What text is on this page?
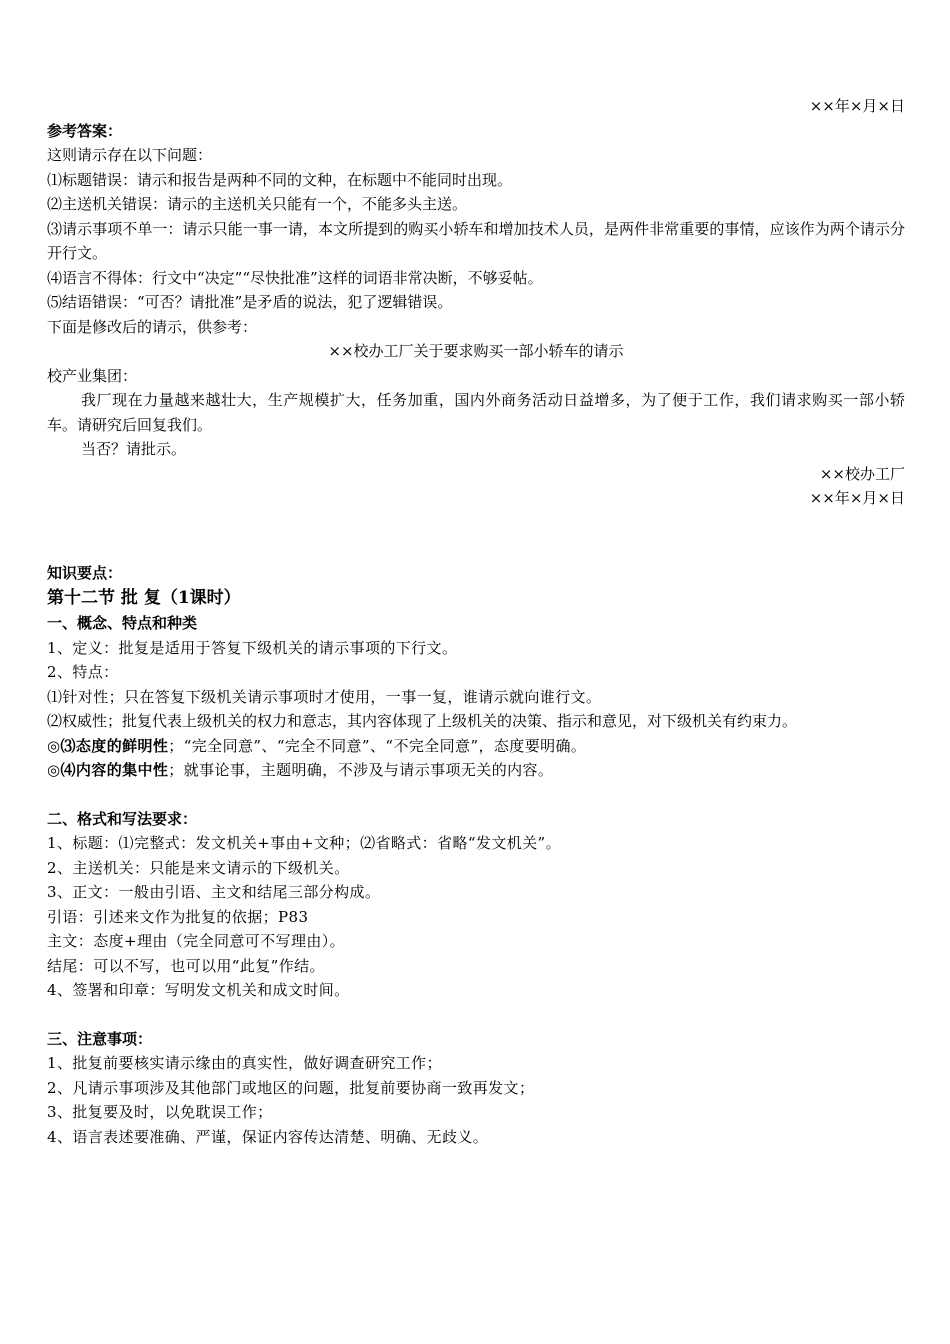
××年×月×日
参考答案：
这则请示存在以下问题：
⑴标题错误：请示和报告是两种不同的文种，在标题中不能同时出现。
⑵主送机关错误：请示的主送机关只能有一个，不能多头主送。
⑶请示事项不单一：请示只能一事一请，本文所提到的购买小轿车和增加技术人员，是两件非常重要的事情，应该作为两个请示分开行文。
⑷语言不得体：行文中“决定”“尽快批准”这样的词语非常决断，不够妥帖。
⑸结语错误：“可否？请批准”是矛盾的说法，犯了逻辑错误。
下面是修改后的请示，供参考：
××校办工厂关于要求购买一部小轿车的请示
校产业集团：
我厂现在力量越来越壮大，生产规模扩大，任务加重，国内外商务活动日益增多，为了便于工作，我们请求购买一部小轿车。请研究后回复我们。
当否？请批示。
××校办工厂
××年×月×日
知识要点：
第十二节 批 复（1课时）
一、概念、特点和种类
1、定义：批复是适用于答复下级机关的请示事项的下行文。
2、特点：
⑴针对性；只在答复下级机关请示事项时才使用，一事一复，谁请示就向谁行文。
⑵权威性；批复代表上级机关的权力和意志，其内容体现了上级机关的决策、指示和意见，对下级机关有约束力。
◎⑶态度的鲜明性；“完全同意”、“完全不同意”、“不完全同意”，态度要明确。
◎⑷内容的集中性；就事论事，主题明确，不涉及与请示事项无关的内容。
二、格式和写法要求：
1、标题：⑴完整式：发文机关+事由+文种；⑵省略式：省略“发文机关”。
2、主送机关：只能是来文请示的下级机关。
3、正文：一般由引语、主文和结尾三部分构成。
引语：引述来文作为批复的依据；P83
主文：态度+理由（完全同意可不写理由）。
结尾：可以不写，也可以用“此复”作结。
4、签署和印章：写明发文机关和成文时间。
三、注意事项：
1、批复前要核实请示缘由的真实性，做好调查研究工作；
2、凡请示事项涉及其他部门或地区的问题，批复前要协商一致再发文；
3、批复要及时，以免耽误工作；
4、语言表述要准确、严谨，保证内容传达清楚、明确、无歧义。
